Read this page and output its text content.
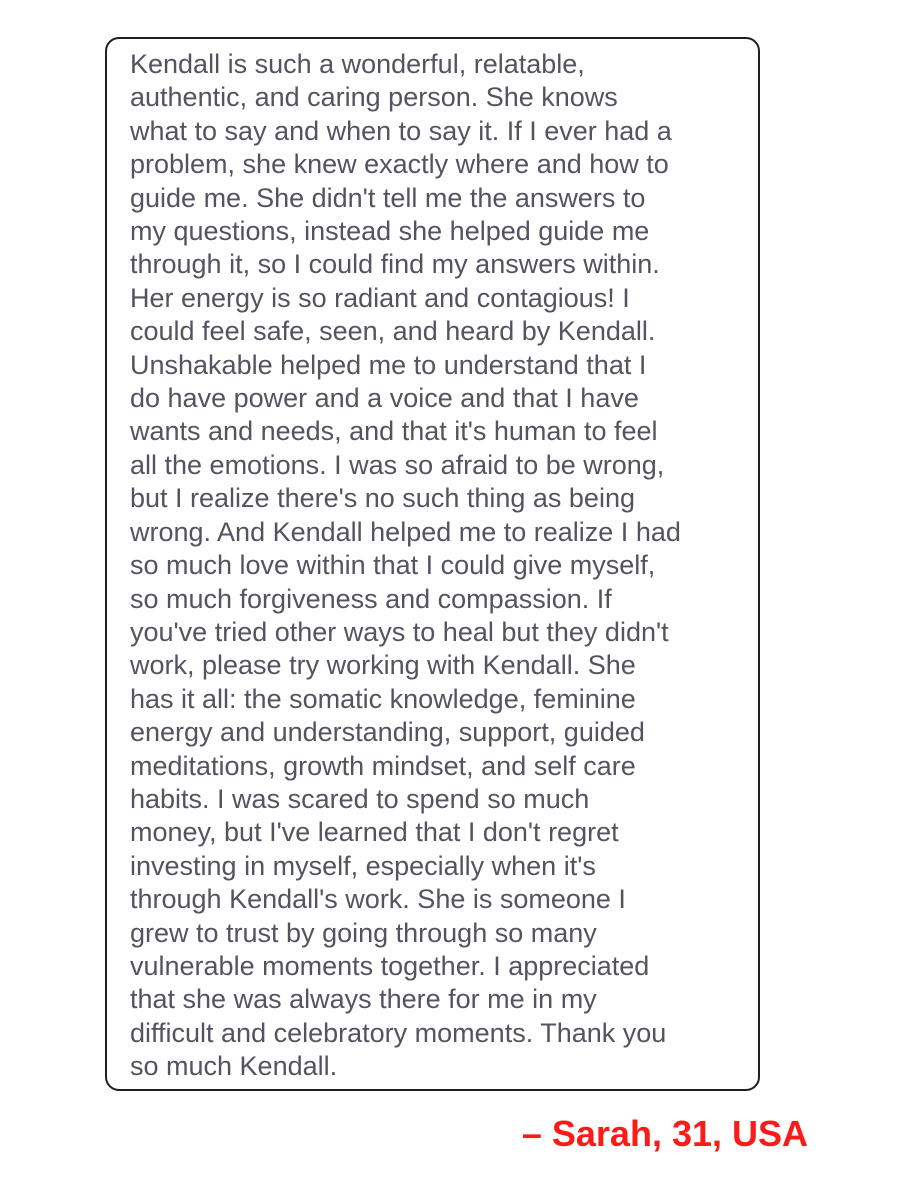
Kendall is such a wonderful, relatable,
authentic, and caring person. She knows
what to say and when to say it. If I ever had a
problem, she knew exactly where and how to
guide me. She didn't tell me the answers to
my questions, instead she helped guide me
through it, so I could find my answers within.
Her energy is so radiant and contagious! I
could feel safe, seen, and heard by Kendall.
Unshakable helped me to understand that I
do have power and a voice and that I have
wants and needs, and that it's human to feel
all the emotions. I was so afraid to be wrong,
but I realize there's no such thing as being
wrong. And Kendall helped me to realize I had
so much love within that I could give myself,
so much forgiveness and compassion. If
you've tried other ways to heal but they didn't
work, please try working with Kendall. She
has it all: the somatic knowledge, feminine
energy and understanding, support, guided
meditations, growth mindset, and self care
habits. I was scared to spend so much
money, but I've learned that I don't regret
investing in myself, especially when it's
through Kendall's work. She is someone I
grew to trust by going through so many
vulnerable moments together. I appreciated
that she was always there for me in my
difficult and celebratory moments. Thank you
so much Kendall.

– Sarah, 31, USA
